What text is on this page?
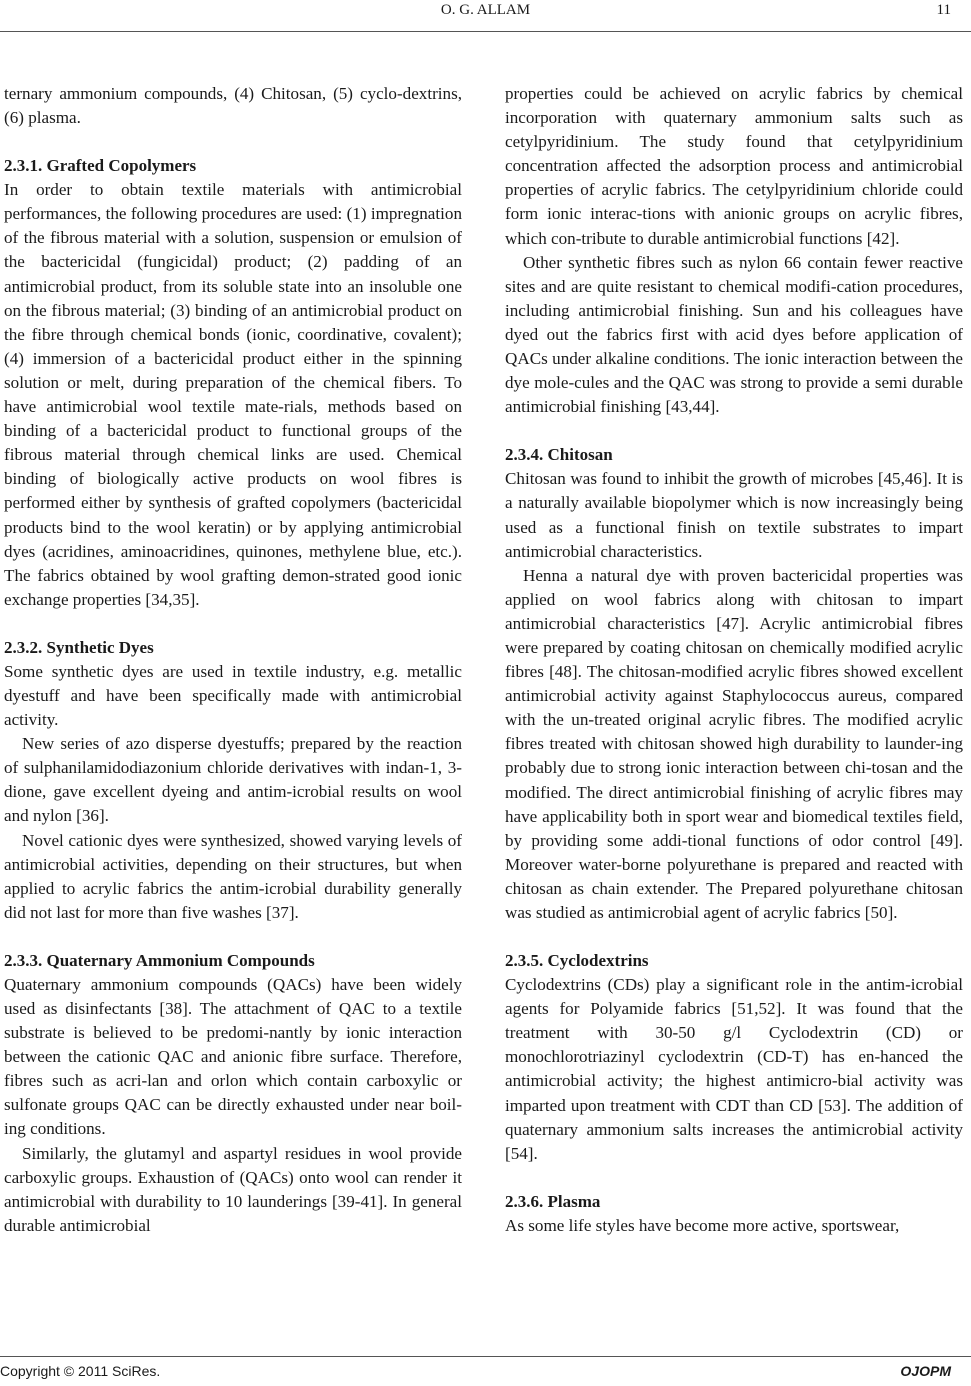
O. G. ALLAM	11

ternary ammonium compounds, (4) Chitosan, (5) cyclo-dextrins, (6) plasma.

2.3.1. Grafted Copolymers

In order to obtain textile materials with antimicrobial performances, the following procedures are used: (1) impregnation of the fibrous material with a solution, suspension or emulsion of the bactericidal (fungicidal) product; (2) padding of an antimicrobial product, from its soluble state into an insoluble one on the fibrous material; (3) binding of an antimicrobial product on the fibre through chemical bonds (ionic, coordinative, covalent); (4) immersion of a bactericidal product either in the spinning solution or melt, during preparation of the chemical fibers. To have antimicrobial wool textile mate-rials, methods based on binding of a bactericidal product to functional groups of the fibrous material through chemical links are used. Chemical binding of biologically active products on wool fibres is performed either by synthesis of grafted copolymers (bactericidal products bind to the wool keratin) or by applying antimicrobial dyes (acridines, aminoacridines, quinones, methylene blue, etc.). The fabrics obtained by wool grafting demon-strated good ionic exchange properties [34,35].

2.3.2. Synthetic Dyes

Some synthetic dyes are used in textile industry, e.g. metallic dyestuff and have been specifically made with antimicrobial activity.

New series of azo disperse dyestuffs; prepared by the reaction of sulphanilamidodiazonium chloride derivatives with indan-1, 3-dione, gave excellent dyeing and antim-icrobial results on wool and nylon [36].

Novel cationic dyes were synthesized, showed varying levels of antimicrobial activities, depending on their structures, but when applied to acrylic fabrics the antim-icrobial durability generally did not last for more than five washes [37].

2.3.3. Quaternary Ammonium Compounds

Quaternary ammonium compounds (QACs) have been widely used as disinfectants [38]. The attachment of QAC to a textile substrate is believed to be predomi-nantly by ionic interaction between the cationic QAC and anionic fibre surface. Therefore, fibres such as acri-lan and orlon which contain carboxylic or sulfonate groups QAC can be directly exhausted under near boil-ing conditions.

Similarly, the glutamyl and aspartyl residues in wool provide carboxylic groups. Exhaustion of (QACs) onto wool can render it antimicrobial with durability to 10 launderings [39-41]. In general durable antimicrobial

properties could be achieved on acrylic fabrics by chemical incorporation with quaternary ammonium salts such as cetylpyridinium. The study found that cetylpyridinium concentration affected the adsorption process and antimicrobial properties of acrylic fabrics. The cetylpyridinium chloride could form ionic interac-tions with anionic groups on acrylic fibres, which con-tribute to durable antimicrobial functions [42].

Other synthetic fibres such as nylon 66 contain fewer reactive sites and are quite resistant to chemical modifi-cation procedures, including antimicrobial finishing. Sun and his colleagues have dyed out the fabrics first with acid dyes before application of QACs under alkaline conditions. The ionic interaction between the dye mole-cules and the QAC was strong to provide a semi durable antimicrobial finishing [43,44].

2.3.4. Chitosan

Chitosan was found to inhibit the growth of microbes [45,46]. It is a naturally available biopolymer which is now increasingly being used as a functional finish on textile substrates to impart antimicrobial characteristics.

Henna a natural dye with proven bactericidal properties was applied on wool fabrics along with chitosan to impart antimicrobial characteristics [47]. Acrylic antimicrobial fibres were prepared by coating chitosan on chemically modified acrylic fibres [48]. The chitosan-modified acrylic fibres showed excellent antimicrobial activity against Staphylococcus aureus, compared with the un-treated original acrylic fibres. The modified acrylic fibres treated with chitosan showed high durability to launder-ing probably due to strong ionic interaction between chi-tosan and the modified. The direct antimicrobial finishing of acrylic fibres may have applicability both in sport wear and biomedical textiles field, by providing some addi-tional functions of odor control [49]. Moreover water-borne polyurethane is prepared and reacted with chitosan as chain extender. The Prepared polyurethane chitosan was studied as antimicrobial agent of acrylic fabrics [50].

2.3.5. Cyclodextrins

Cyclodextrins (CDs) play a significant role in the antim-icrobial agents for Polyamide fabrics [51,52]. It was found that the treatment with 30-50 g/l Cyclodextrin (CD) or monochlorotriazinyl cyclodextrin (CD-T) has en-hanced the antimicrobial activity; the highest antimicro-bial activity was imparted upon treatment with CDT than CD [53]. The addition of quaternary ammonium salts increases the antimicrobial activity [54].

2.3.6. Plasma

As some life styles have become more active, sportswear,

Copyright © 2011 SciRes.	OJOPM
